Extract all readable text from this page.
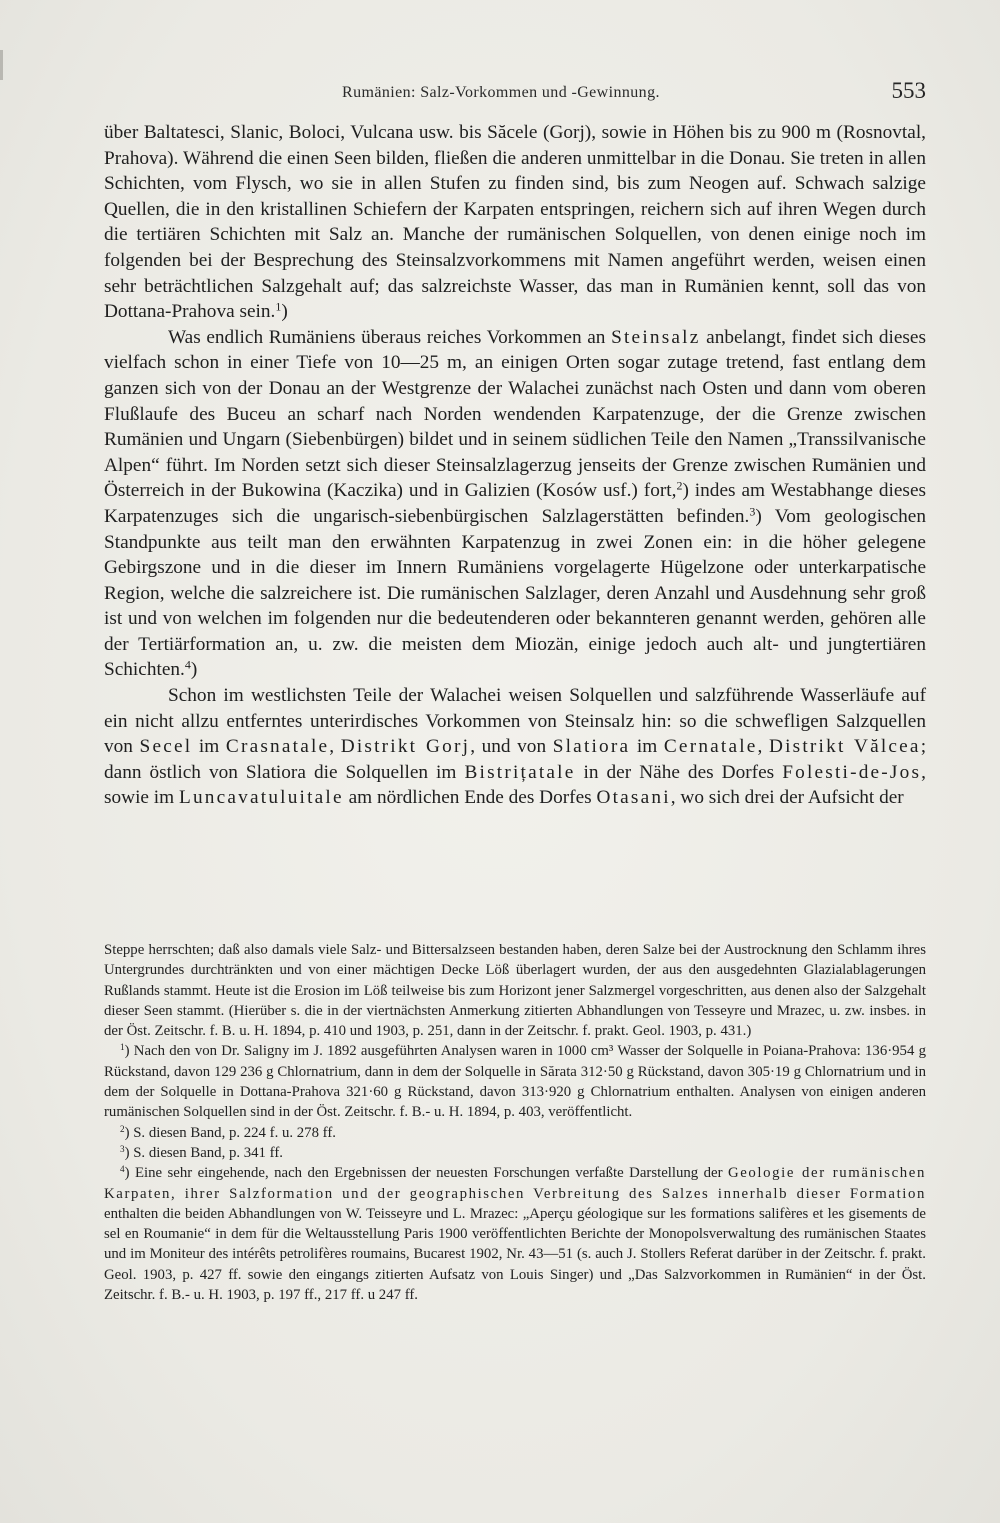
Rumänien: Salz-Vorkommen und -Gewinnung.	553

über Baltatesci, Slanic, Boloci, Vulcana usw. bis Săcele (Gorj), sowie in Höhen bis zu 900 m (Rosnovtal, Prahova). Während die einen Seen bilden, fließen die anderen unmittelbar in die Donau. Sie treten in allen Schichten, vom Flysch, wo sie in allen Stufen zu finden sind, bis zum Neogen auf. Schwach salzige Quellen, die in den kristallinen Schiefern der Karpaten entspringen, reichern sich auf ihren Wegen durch die tertiären Schichten mit Salz an. Manche der rumänischen Solquellen, von denen einige noch im folgenden bei der Besprechung des Steinsalzvorkommens mit Namen angeführt werden, weisen einen sehr beträchtlichen Salzgehalt auf; das salzreichste Wasser, das man in Rumänien kennt, soll das von Dottana-Prahova sein.$^1$)

Was endlich Rumäniens überaus reiches Vorkommen an Steinsalz anbelangt, findet sich dieses vielfach schon in einer Tiefe von 10—25 m, an einigen Orten sogar zutage tretend, fast entlang dem ganzen sich von der Donau an der Westgrenze der Walachei zunächst nach Osten und dann vom oberen Flußlaufe des Buceu an scharf nach Norden wendenden Karpatenzuge, der die Grenze zwischen Rumänien und Ungarn (Siebenbürgen) bildet und in seinem südlichen Teile den Namen „Transsilvanische Alpen“ führt. Im Norden setzt sich dieser Steinsalzlagerzug jenseits der Grenze zwischen Rumänien und Österreich in der Bukowina (Kaczika) und in Galizien (Kosów usf.) fort,$^2$) indes am Westabhange dieses Karpatenzuges sich die ungarisch-siebenbürgischen Salzlagerstätten befinden.$^3$) Vom geologischen Standpunkte aus teilt man den erwähnten Karpatenzug in zwei Zonen ein: in die höher gelegene Gebirgszone und in die dieser im Innern Rumäniens vorgelagerte Hügelzone oder unterkarpatische Region, welche die salzreichere ist. Die rumänischen Salzlager, deren Anzahl und Ausdehnung sehr groß ist und von welchen im folgenden nur die bedeutenderen oder bekannteren genannt werden, gehören alle der Tertiärformation an, u. zw. die meisten dem Miozän, einige jedoch auch alt- und jungtertiären Schichten.$^4$)

Schon im westlichsten Teile der Walachei weisen Solquellen und salzführende Wasserläufe auf ein nicht allzu entferntes unterirdisches Vorkommen von Steinsalz hin: so die schwefligen Salzquellen von Secel im Crasnatale, Distrikt Gorj, und von Slatiora im Cernatale, Distrikt Vălcea; dann östlich von Slatiora die Solquellen im Bistrițatale in der Nähe des Dorfes Folesti-de-Jos, sowie im Luncavatuluitale am nördlichen Ende des Dorfes Otasani, wo sich drei der Aufsicht der

Steppe herrschten; daß also damals viele Salz- und Bittersalzseen bestanden haben, deren Salze bei der Austrocknung den Schlamm ihres Untergrundes durchtränkten und von einer mächtigen Decke Löß überlagert wurden, der aus den ausgedehnten Glazialablagerungen Rußlands stammt. Heute ist die Erosion im Löß teilweise bis zum Horizont jener Salzmergel vorgeschritten, aus denen also der Salzgehalt dieser Seen stammt. (Hierüber s. die in der viertnächsten Anmerkung zitierten Abhandlungen von Tesseyre und Mrazec, u. zw. insbes. in der Öst. Zeitschr. f. B. u. H. 1894, p. 410 und 1903, p. 251, dann in der Zeitschr. f. prakt. Geol. 1903, p. 431.)

$^1$) Nach den von Dr. Saligny im J. 1892 ausgeführten Analysen waren in 1000 cm³ Wasser der Solquelle in Poiana-Prahova: 136·954 g Rückstand, davon 129 236 g Chlornatrium, dann in dem der Solquelle in Sărata 312·50 g Rückstand, davon 305·19 g Chlornatrium und in dem der Solquelle in Dottana-Prahova 321·60 g Rückstand, davon 313·920 g Chlornatrium enthalten. Analysen von einigen anderen rumänischen Solquellen sind in der Öst. Zeitschr. f. B.- u. H. 1894, p. 403, veröffentlicht.

$^2$) S. diesen Band, p. 224 f. u. 278 ff.

$^3$) S. diesen Band, p. 341 ff.

$^4$) Eine sehr eingehende, nach den Ergebnissen der neuesten Forschungen verfaßte Darstellung der Geologie der rumänischen Karpaten, ihrer Salzformation und der geographischen Verbreitung des Salzes innerhalb dieser Formation enthalten die beiden Abhandlungen von W. Teisseyre und L. Mrazec: „Aperçu géologique sur les formations salifères et les gisements de sel en Roumanie“ in dem für die Weltausstellung Paris 1900 veröffentlichten Berichte der Monopolsverwaltung des rumänischen Staates und im Moniteur des intérêts petrolifères roumains, Bucarest 1902, Nr. 43—51 (s. auch J. Stollers Referat darüber in der Zeitschr. f. prakt. Geol. 1903, p. 427 ff. sowie den eingangs zitierten Aufsatz von Louis Singer) und „Das Salzvorkommen in Rumänien“ in der Öst. Zeitschr. f. B.- u. H. 1903, p. 197 ff., 217 ff. u 247 ff.
